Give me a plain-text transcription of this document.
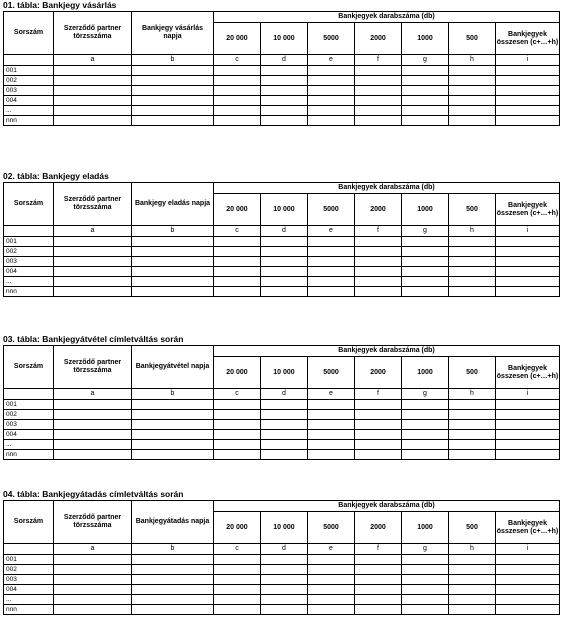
01. tábla: Bankjegy vásárlás
Sorszám	Szerződő partner törzsszáma	Bankjegy vásárlás napja	Bankjegyek darabszáma (db)						
			20 000	10 000	5000	2000	1000	500	Bankjegyek összesen (c+…+h)
	a	b	c	d	e	f	g	h	i
001									
002									
003									
004									
...									
nnn									
02. tábla: Bankjegy eladás
Sorszám	Szerződő partner törzsszáma	Bankjegy eladás napja	Bankjegyek darabszáma (db)						
			20 000	10 000	5000	2000	1000	500	Bankjegyek összesen (c+…+h)
	a	b	c	d	e	f	g	h	i
001									
002									
003									
004									
...									
nnn									
03. tábla: Bankjegyátvétel címletváltás során
Sorszám	Szerződő partner törzsszáma	Bankjegyátvétel napja	Bankjegyek darabszáma (db)						
			20 000	10 000	5000	2000	1000	500	Bankjegyek összesen (c+…+h)
	a	b	c	d	e	f	g	h	i
001									
002									
003									
004									
...									
nnn									
04. tábla: Bankjegyátadás címletváltás során
Sorszám	Szerződő partner törzsszáma	Bankjegyátadás napja	Bankjegyek darabszáma (db)						
			20 000	10 000	5000	2000	1000	500	Bankjegyek összesen (c+…+h)
	a	b	c	d	e	f	g	h	i
001									
002									
003									
004									
...									
nnn									
